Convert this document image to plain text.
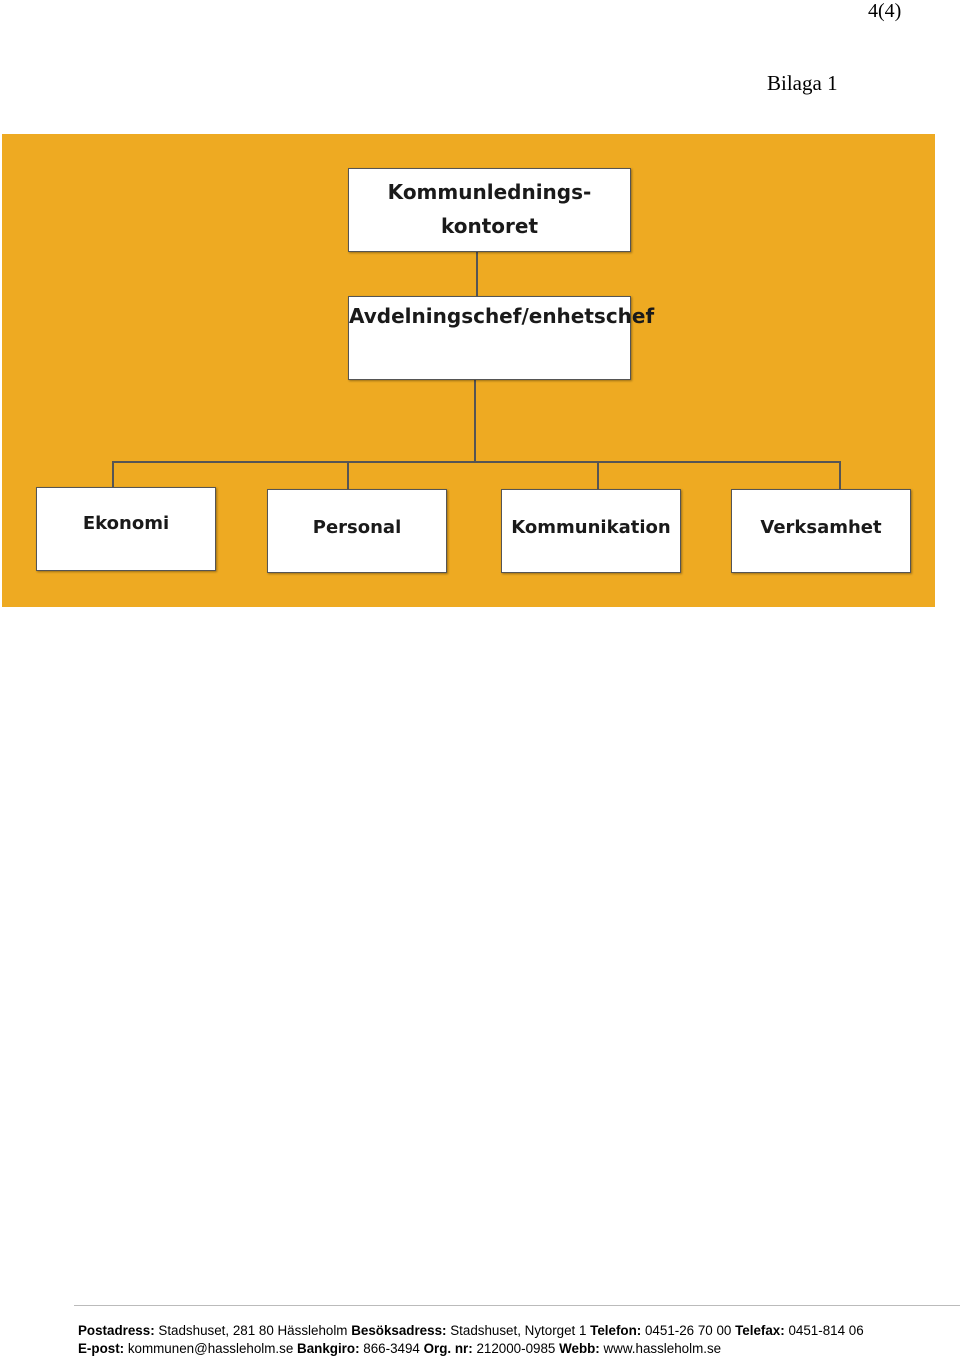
4(4)
Bilaga 1
Kommunlednings-
kontoret
Avdelningschef/enhetschef
Ekonomi	Personal	Kommunikation	Verksamhet
Postadress: Stadshuset, 281 80 Hässleholm Besöksadress: Stadshuset, Nytorget 1 Telefon: 0451-26 70 00 Telefax: 0451-814 06
E-post: kommunen@hassleholm.se Bankgiro: 866-3494 Org. nr: 212000-0985 Webb: www.hassleholm.se
